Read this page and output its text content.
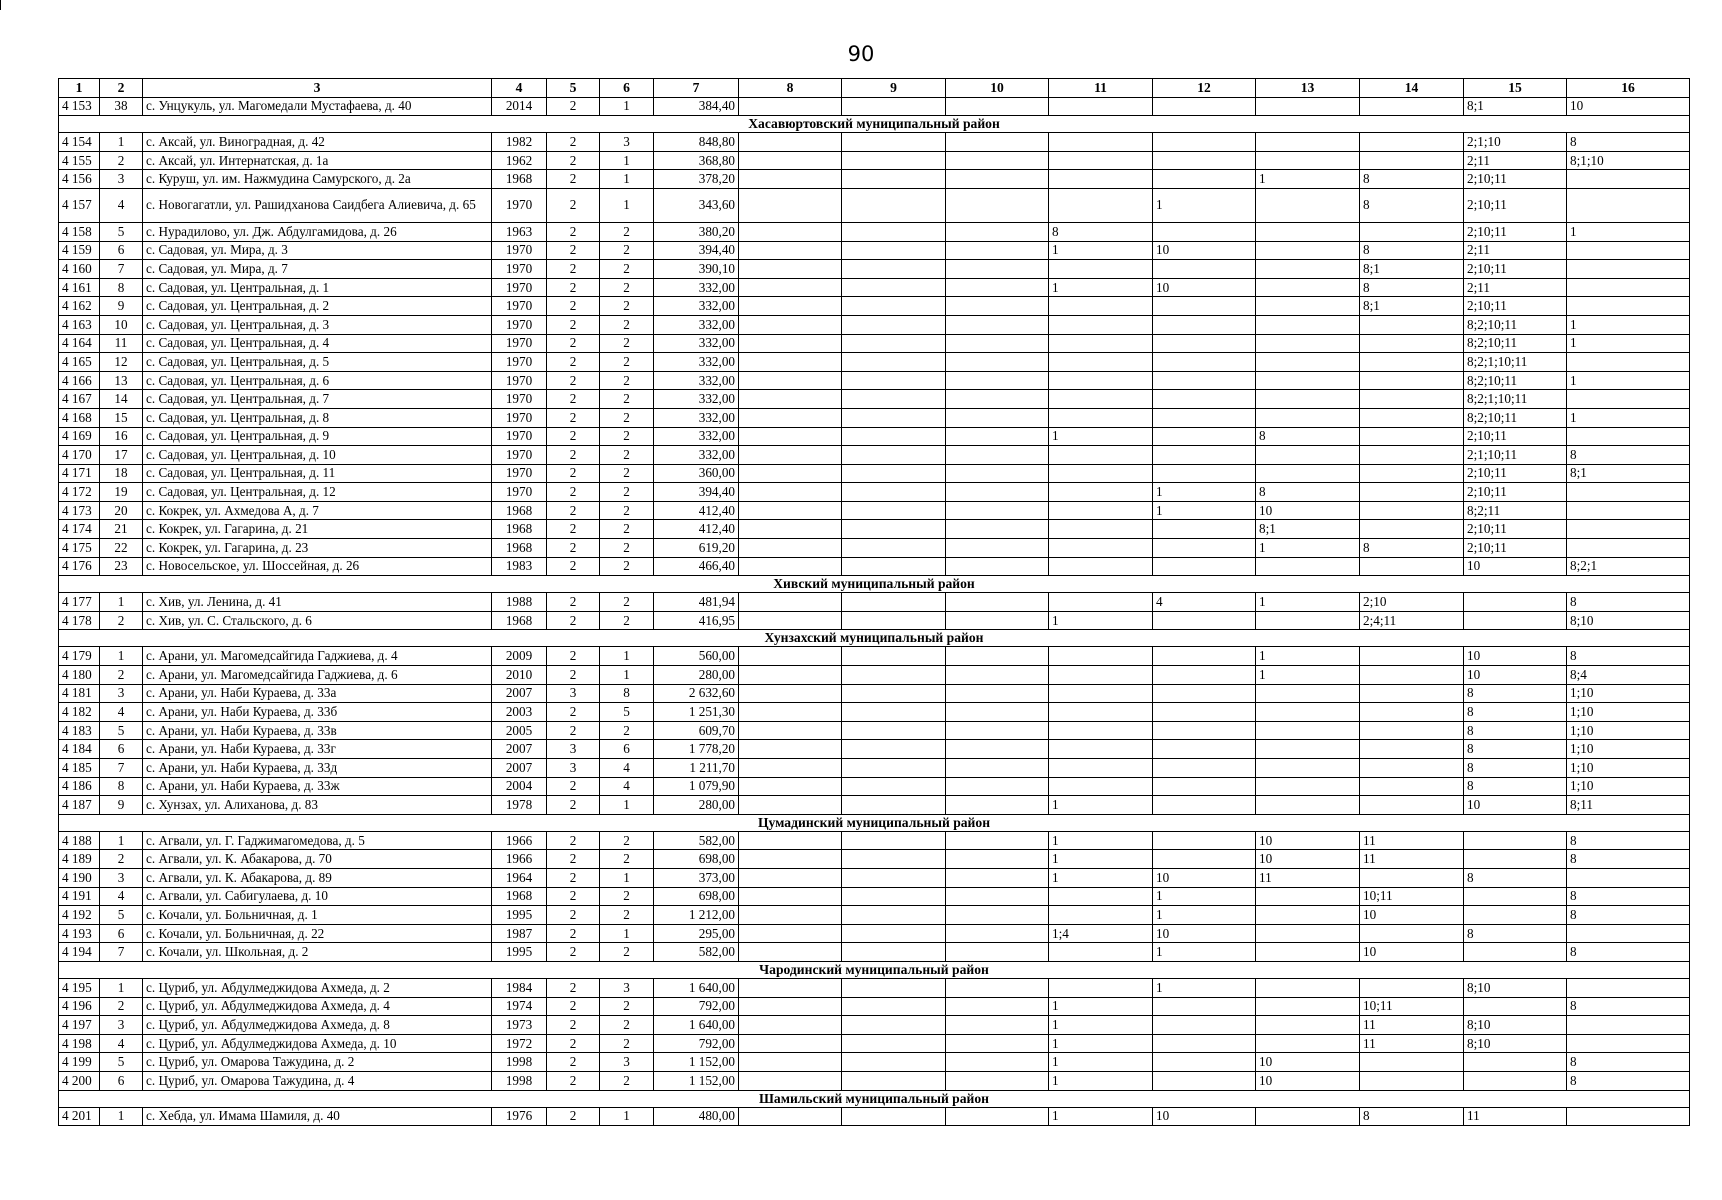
90
1	2	3	4	5	6	7	8	9	10	11	12	13	14	15	16
4 153	38	с. Унцукуль, ул. Магомедали Мустафаева, д. 40	2014	2	1	384,40								8;1	10
Хасавюртовский муниципальный район															
4 154	1	с. Аксай, ул. Виноградная, д. 42	1982	2	3	848,80								2;1;10	8
4 155	2	с. Аксай, ул. Интернатская, д. 1а	1962	2	1	368,80								2;11	8;1;10
4 156	3	с. Куруш, ул. им. Нажмудина Самурского, д. 2а	1968	2	1	378,20						1	8	2;10;11	
4 157	4	с. Новогагатли, ул. Рашидханова Саидбега Алиевича, д. 65	1970	2	1	343,60					1		8	2;10;11	
4 158	5	с. Нурадилово, ул. Дж. Абдулгамидова, д. 26	1963	2	2	380,20				8				2;10;11	1
4 159	6	с. Садовая, ул. Мира, д. 3	1970	2	2	394,40				1	10		8	2;11	
4 160	7	с. Садовая, ул. Мира, д. 7	1970	2	2	390,10							8;1	2;10;11	
4 161	8	с. Садовая, ул. Центральная, д. 1	1970	2	2	332,00				1	10		8	2;11	
4 162	9	с. Садовая, ул. Центральная, д. 2	1970	2	2	332,00							8;1	2;10;11	
4 163	10	с. Садовая, ул. Центральная, д. 3	1970	2	2	332,00								8;2;10;11	1
4 164	11	с. Садовая, ул. Центральная, д. 4	1970	2	2	332,00								8;2;10;11	1
4 165	12	с. Садовая, ул. Центральная, д. 5	1970	2	2	332,00								8;2;1;10;11	
4 166	13	с. Садовая, ул. Центральная, д. 6	1970	2	2	332,00								8;2;10;11	1
4 167	14	с. Садовая, ул. Центральная, д. 7	1970	2	2	332,00								8;2;1;10;11	
4 168	15	с. Садовая, ул. Центральная, д. 8	1970	2	2	332,00								8;2;10;11	1
4 169	16	с. Садовая, ул. Центральная, д. 9	1970	2	2	332,00				1		8		2;10;11	
4 170	17	с. Садовая, ул. Центральная, д. 10	1970	2	2	332,00								2;1;10;11	8
4 171	18	с. Садовая, ул. Центральная, д. 11	1970	2	2	360,00								2;10;11	8;1
4 172	19	с. Садовая, ул. Центральная, д. 12	1970	2	2	394,40					1	8		2;10;11	
4 173	20	с. Кокрек, ул. Ахмедова А, д. 7	1968	2	2	412,40					1	10		8;2;11	
4 174	21	с. Кокрек, ул. Гагарина, д. 21	1968	2	2	412,40						8;1		2;10;11	
4 175	22	с. Кокрек, ул. Гагарина, д. 23	1968	2	2	619,20						1	8	2;10;11	
4 176	23	с. Новосельское, ул. Шоссейная, д. 26	1983	2	2	466,40								10	8;2;1
Хивский муниципальный район															
4 177	1	с. Хив, ул. Ленина, д. 41	1988	2	2	481,94					4	1	2;10		8
4 178	2	с. Хив, ул. С. Стальского, д. 6	1968	2	2	416,95				1			2;4;11		8;10
Хунзахский муниципальный район															
4 179	1	с. Арани, ул. Магомедсайгида Гаджиева, д. 4	2009	2	1	560,00						1		10	8
4 180	2	с. Арани, ул. Магомедсайгида Гаджиева, д. 6	2010	2	1	280,00						1		10	8;4
4 181	3	с. Арани, ул. Наби Кураева, д. 33а	2007	3	8	2 632,60								8	1;10
4 182	4	с. Арани, ул. Наби Кураева, д. 33б	2003	2	5	1 251,30								8	1;10
4 183	5	с. Арани, ул. Наби Кураева, д. 33в	2005	2	2	609,70								8	1;10
4 184	6	с. Арани, ул. Наби Кураева, д. 33г	2007	3	6	1 778,20								8	1;10
4 185	7	с. Арани, ул. Наби Кураева, д. 33д	2007	3	4	1 211,70								8	1;10
4 186	8	с. Арани, ул. Наби Кураева, д. 33ж	2004	2	4	1 079,90								8	1;10
4 187	9	с. Хунзах, ул. Алиханова, д. 83	1978	2	1	280,00				1				10	8;11
Цумадинский муниципальный район															
4 188	1	с. Агвали, ул. Г. Гаджимагомедова, д. 5	1966	2	2	582,00				1		10	11		8
4 189	2	с. Агвали, ул. К. Абакарова, д. 70	1966	2	2	698,00				1		10	11		8
4 190	3	с. Агвали, ул. К. Абакарова, д. 89	1964	2	1	373,00				1	10	11		8	
4 191	4	с. Агвали, ул. Сабигулаева, д. 10	1968	2	2	698,00					1		10;11		8
4 192	5	с. Кочали, ул. Больничная, д. 1	1995	2	2	1 212,00					1		10		8
4 193	6	с. Кочали, ул. Больничная, д. 22	1987	2	1	295,00				1;4	10			8	
4 194	7	с. Кочали, ул. Школьная, д. 2	1995	2	2	582,00					1		10		8
Чародинский муниципальный район															
4 195	1	с. Цуриб, ул. Абдулмеджидова Ахмеда, д. 2	1984	2	3	1 640,00					1			8;10	
4 196	2	с. Цуриб, ул. Абдулмеджидова Ахмеда, д. 4	1974	2	2	792,00				1			10;11		8
4 197	3	с. Цуриб, ул. Абдулмеджидова Ахмеда, д. 8	1973	2	2	1 640,00				1			11	8;10	
4 198	4	с. Цуриб, ул. Абдулмеджидова Ахмеда, д. 10	1972	2	2	792,00				1			11	8;10	
4 199	5	с. Цуриб, ул. Омарова Тажудина, д. 2	1998	2	3	1 152,00				1		10			8
4 200	6	с. Цуриб, ул. Омарова Тажудина, д. 4	1998	2	2	1 152,00				1		10			8
Шамильский муниципальный район															
4 201	1	с. Хебда, ул. Имама Шамиля, д. 40	1976	2	1	480,00				1	10		8	11	
